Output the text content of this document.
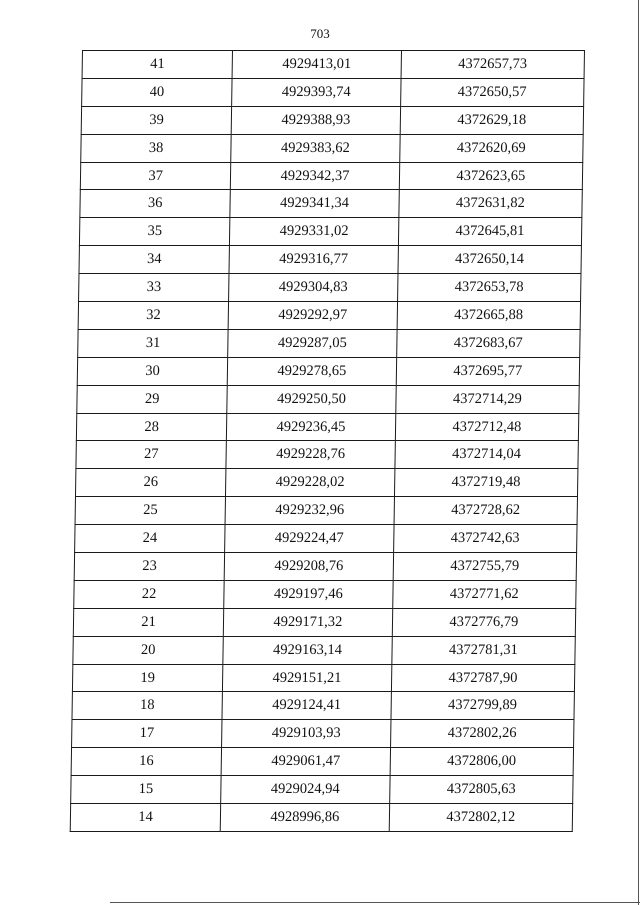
703
41	4929413,01	4372657,73
40	4929393,74	4372650,57
39	4929388,93	4372629,18
38	4929383,62	4372620,69
37	4929342,37	4372623,65
36	4929341,34	4372631,82
35	4929331,02	4372645,81
34	4929316,77	4372650,14
33	4929304,83	4372653,78
32	4929292,97	4372665,88
31	4929287,05	4372683,67
30	4929278,65	4372695,77
29	4929250,50	4372714,29
28	4929236,45	4372712,48
27	4929228,76	4372714,04
26	4929228,02	4372719,48
25	4929232,96	4372728,62
24	4929224,47	4372742,63
23	4929208,76	4372755,79
22	4929197,46	4372771,62
21	4929171,32	4372776,79
20	4929163,14	4372781,31
19	4929151,21	4372787,90
18	4929124,41	4372799,89
17	4929103,93	4372802,26
16	4929061,47	4372806,00
15	4929024,94	4372805,63
14	4928996,86	4372802,12
